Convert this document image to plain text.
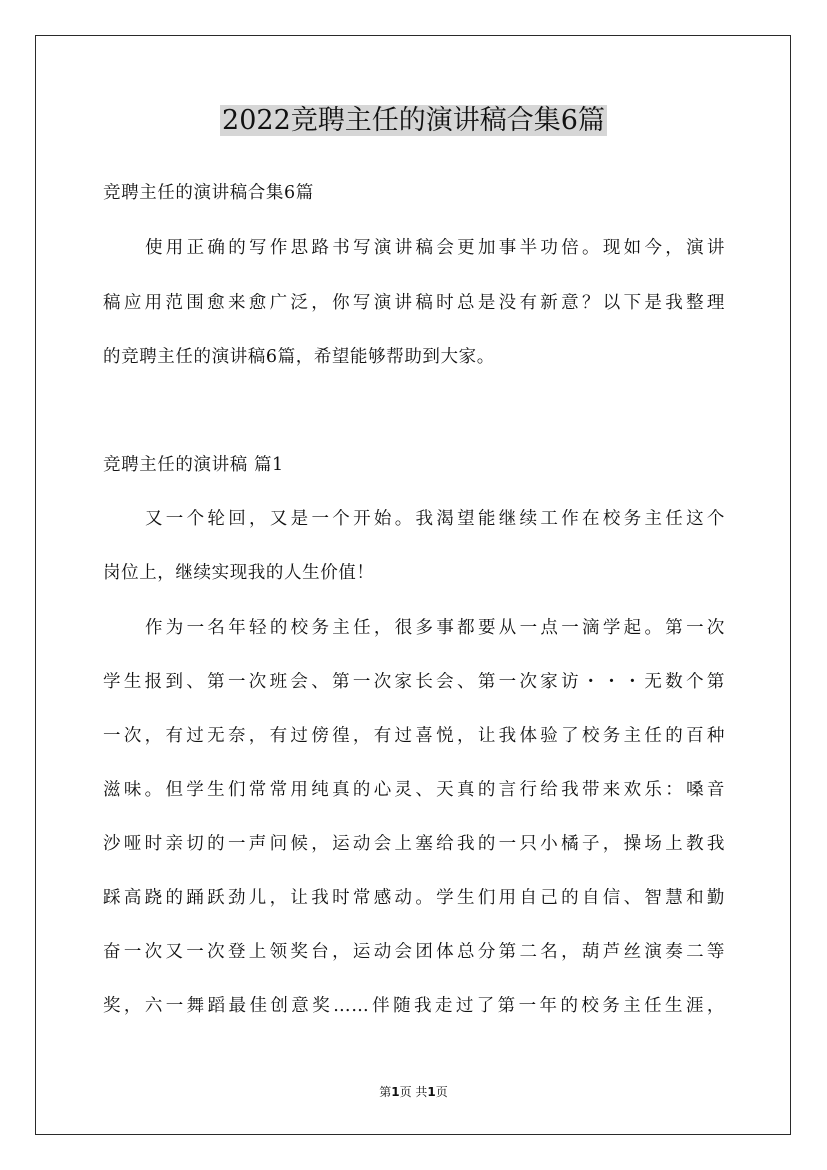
2022竞聘主任的演讲稿合集6篇
竞聘主任的演讲稿合集6篇
使用正确的写作思路书写演讲稿会更加事半功倍。现如今，演讲
稿应用范围愈来愈广泛，你写演讲稿时总是没有新意？以下是我整理
的竞聘主任的演讲稿6篇，希望能够帮助到大家。
竞聘主任的演讲稿 篇1
又一个轮回，又是一个开始。我渴望能继续工作在校务主任这个
岗位上，继续实现我的人生价值！
作为一名年轻的校务主任，很多事都要从一点一滴学起。第一次
学生报到、第一次班会、第一次家长会、第一次家访・・・无数个第
一次，有过无奈，有过傍徨，有过喜悦，让我体验了校务主任的百种
滋味。但学生们常常用纯真的心灵、天真的言行给我带来欢乐：嗓音
沙哑时亲切的一声问候，运动会上塞给我的一只小橘子，操场上教我
踩高跷的踊跃劲儿，让我时常感动。学生们用自己的自信、智慧和勤
奋一次又一次登上领奖台，运动会团体总分第二名，葫芦丝演奏二等
奖，六一舞蹈最佳创意奖……伴随我走过了第一年的校务主任生涯，
第1页 共1页
